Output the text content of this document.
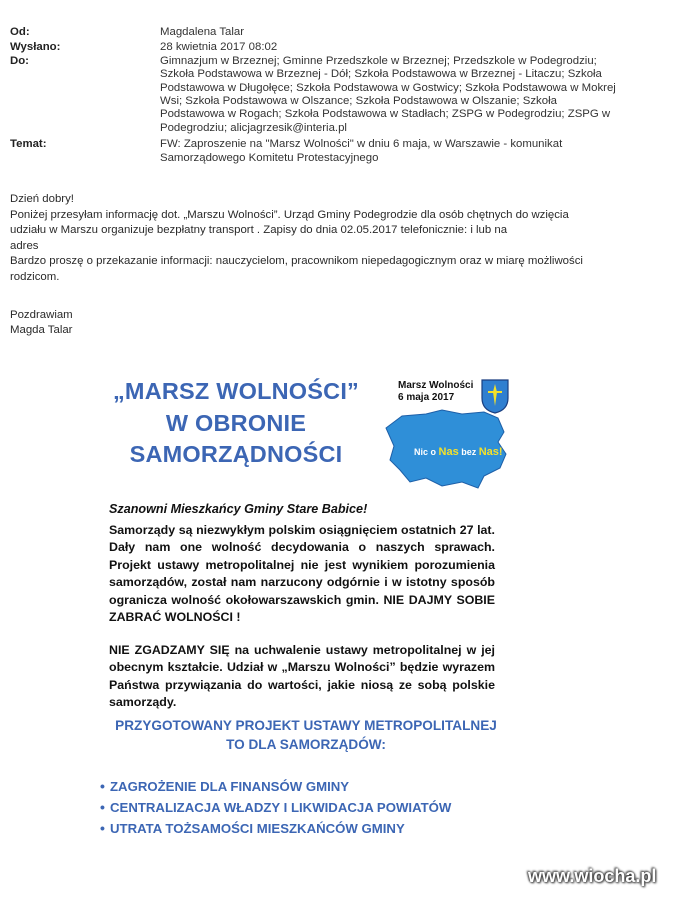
Od:	Magdalena Talar
Wysłano:	28 kwietnia 2017 08:02
Do:	Gimnazjum w Brzeznej; Gminne Przedszkole w Brzeznej; Przedszkole w Podegrodziu;
Szkoła Podstawowa w Brzeznej - Dół; Szkoła Podstawowa w Brzeznej - Litaczu; Szkoła
Podstawowa w Długołęce; Szkoła Podstawowa w Gostwicy; Szkoła Podstawowa w Mokrej
Wsi; Szkoła Podstawowa w Olszance; Szkoła Podstawowa w Olszanie; Szkoła
Podstawowa w Rogach; Szkoła Podstawowa w Stadłach; ZSPG w Podegrodziu; ZSPG w
Podegrodziu; alicjagrzesik@interia.pl
Temat:	FW: Zaproszenie na "Marsz Wolności" w dniu 6 maja, w Warszawie - komunikat
Samorządowego Komitetu Protestacyjnego

Dzień dobry!

Poniżej przesyłam informację dot. „Marszu Wolności”. Urząd Gminy Podegrodzie dla osób chętnych do wzięcia

udziału w Marszu organizuje bezpłatny transport . Zapisy do dnia 02.05.2017 telefonicznie: i lub na

adres

Bardzo proszę o przekazanie informacji: nauczycielom, pracownikom niepedagogicznym oraz w miarę możliwości

rodzicom.

Pozdrawiam

Magda Talar

„MARSZ WOLNOŚCI”
W OBRONIE
SAMORZĄDNOŚCI
Marsz Wolności
6 maja 2017
Nic o Nas bez Nas!
Szanowni Mieszkańcy Gminy Stare Babice!
Samorządy są niezwykłym polskim osiągnięciem ostatnich 27 lat. Dały nam one wolność decydowania o naszych sprawach. Projekt ustawy metropolitalnej nie jest wynikiem porozumienia samorządów, został nam narzucony odgórnie i w istotny sposób ogranicza wolność okołowarszawskich gmin. NIE DAJMY SOBIE ZABRAĆ WOLNOŚCI !
NIE ZGADZAMY SIĘ na uchwalenie ustawy metropolitalnej w jej obecnym kształcie. Udział w „Marszu Wolności” będzie wyrazem Państwa przywiązania do wartości, jakie niosą ze sobą polskie samorządy.
PRZYGOTOWANY PROJEKT USTAWY METROPOLITALNEJ
TO DLA SAMORZĄDÓW:
• ZAGROŻENIE DLA FINANSÓW GMINY
• CENTRALIZACJA WŁADZY I LIKWIDACJA POWIATÓW
• UTRATA TOŻSAMOŚCI MIESZKAŃCÓW GMINY
www.wiocha.pl
